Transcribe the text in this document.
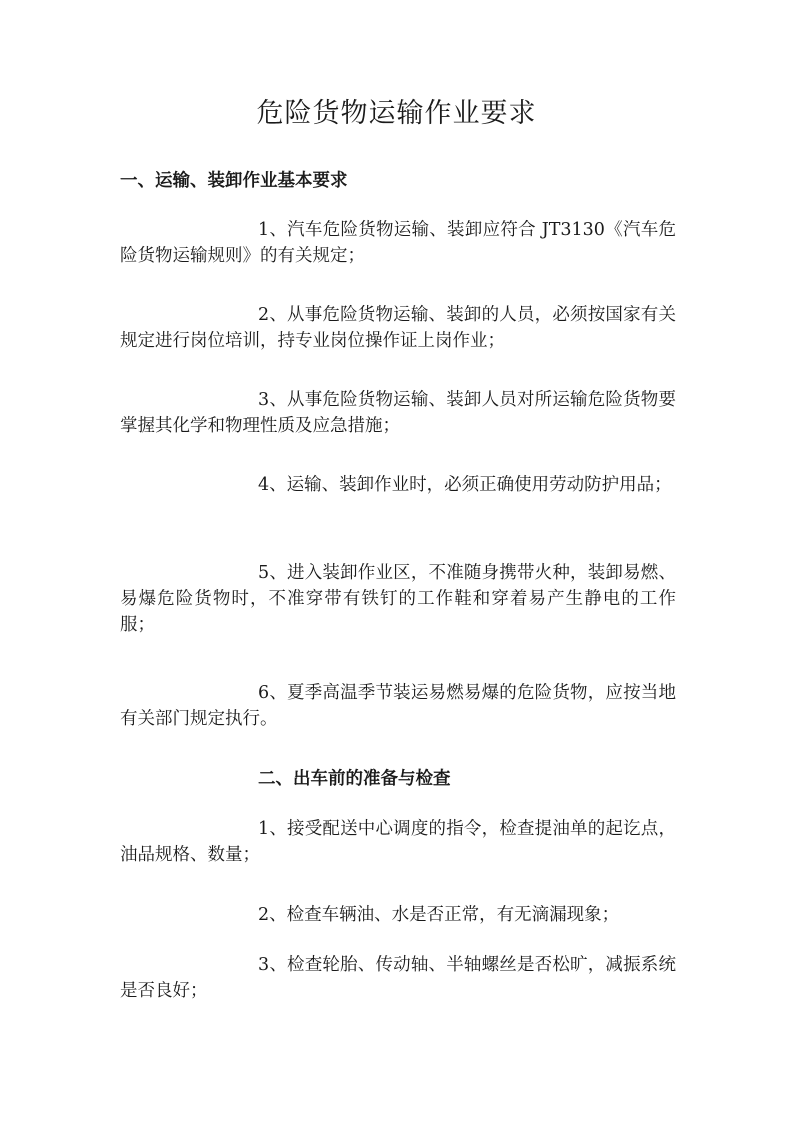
危险货物运输作业要求
一、运输、装卸作业基本要求

1、汽车危险货物运输、装卸应符合 JT3130《汽车危险货物运输规则》的有关规定；

2、从事危险货物运输、装卸的人员，必须按国家有关规定进行岗位培训，持专业岗位操作证上岗作业；

3、从事危险货物运输、装卸人员对所运输危险货物要掌握其化学和物理性质及应急措施；

4、运输、装卸作业时，必须正确使用劳动防护用品；

5、进入装卸作业区，不准随身携带火种，装卸易燃、易爆危险货物时，不准穿带有铁钉的工作鞋和穿着易产生静电的工作服；

6、夏季高温季节装运易燃易爆的危险货物，应按当地有关部门规定执行。

二、出车前的准备与检查

1、接受配送中心调度的指令，检查提油单的起讫点，油品规格、数量；

2、检查车辆油、水是否正常，有无滴漏现象；

3、检查轮胎、传动轴、半轴螺丝是否松旷，减振系统是否良好；
